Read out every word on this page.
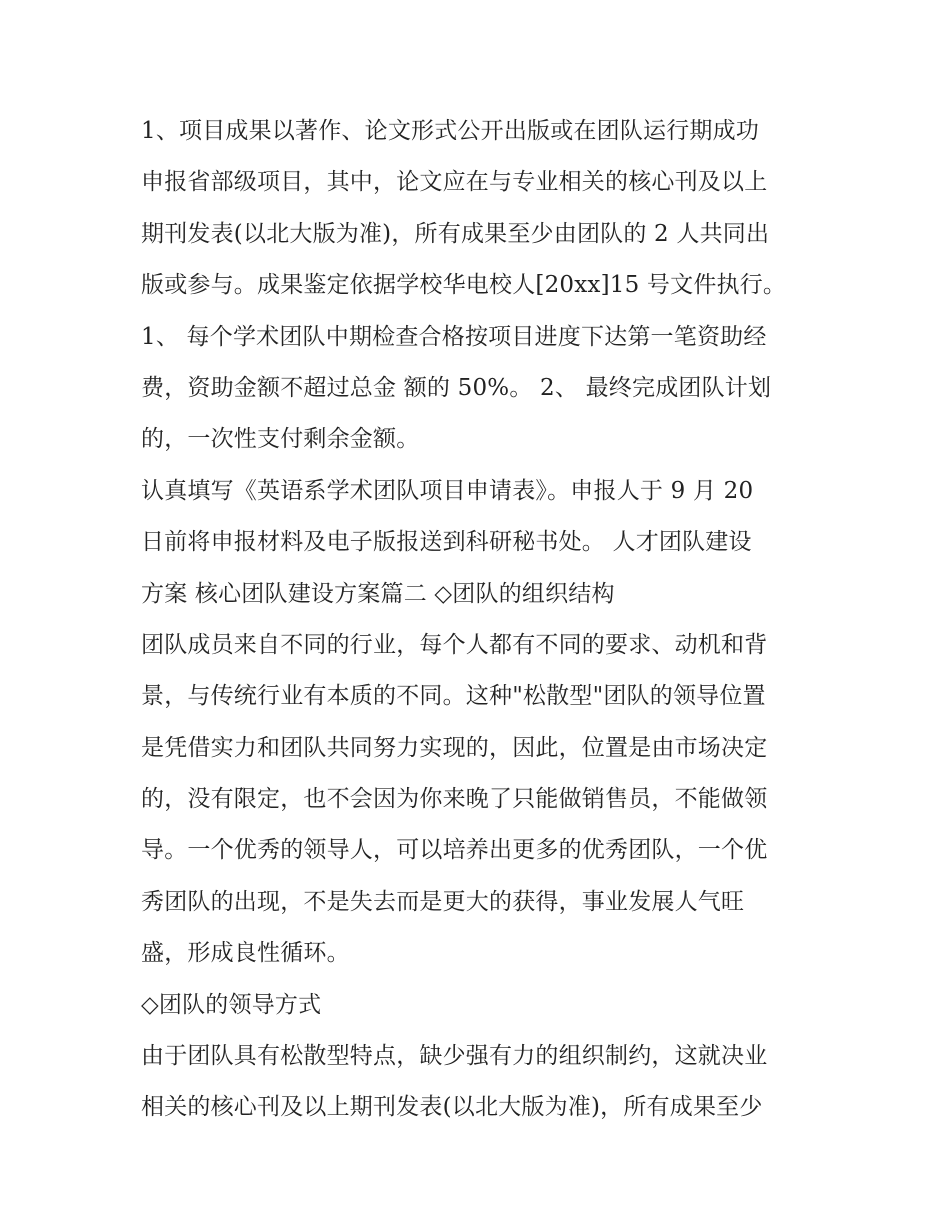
1、项目成果以著作、论文形式公开出版或在团队运行期成功
申报省部级项目，其中，论文应在与专业相关的核心刊及以上
期刊发表(以北大版为准)，所有成果至少由团队的 2 人共同出
版或参与。成果鉴定依据学校华电校人[20xx]15 号文件执行。
1、 每个学术团队中期检查合格按项目进度下达第一笔资助经
费，资助金额不超过总金 额的 50%。 2、 最终完成团队计划
的，一次性支付剩余金额。
认真填写《英语系学术团队项目申请表》。申报人于 9 月 20
日前将申报材料及电子版报送到科研秘书处。 人才团队建设
方案 核心团队建设方案篇二 ◇团队的组织结构
团队成员来自不同的行业，每个人都有不同的要求、动机和背
景，与传统行业有本质的不同。这种"松散型"团队的领导位置
是凭借实力和团队共同努力实现的，因此，位置是由市场决定
的，没有限定，也不会因为你来晚了只能做销售员，不能做领
导。一个优秀的领导人，可以培养出更多的优秀团队，一个优
秀团队的出现，不是失去而是更大的获得，事业发展人气旺
盛，形成良性循环。
◇团队的领导方式
由于团队具有松散型特点，缺少强有力的组织制约，这就决业
相关的核心刊及以上期刊发表(以北大版为准)，所有成果至少
